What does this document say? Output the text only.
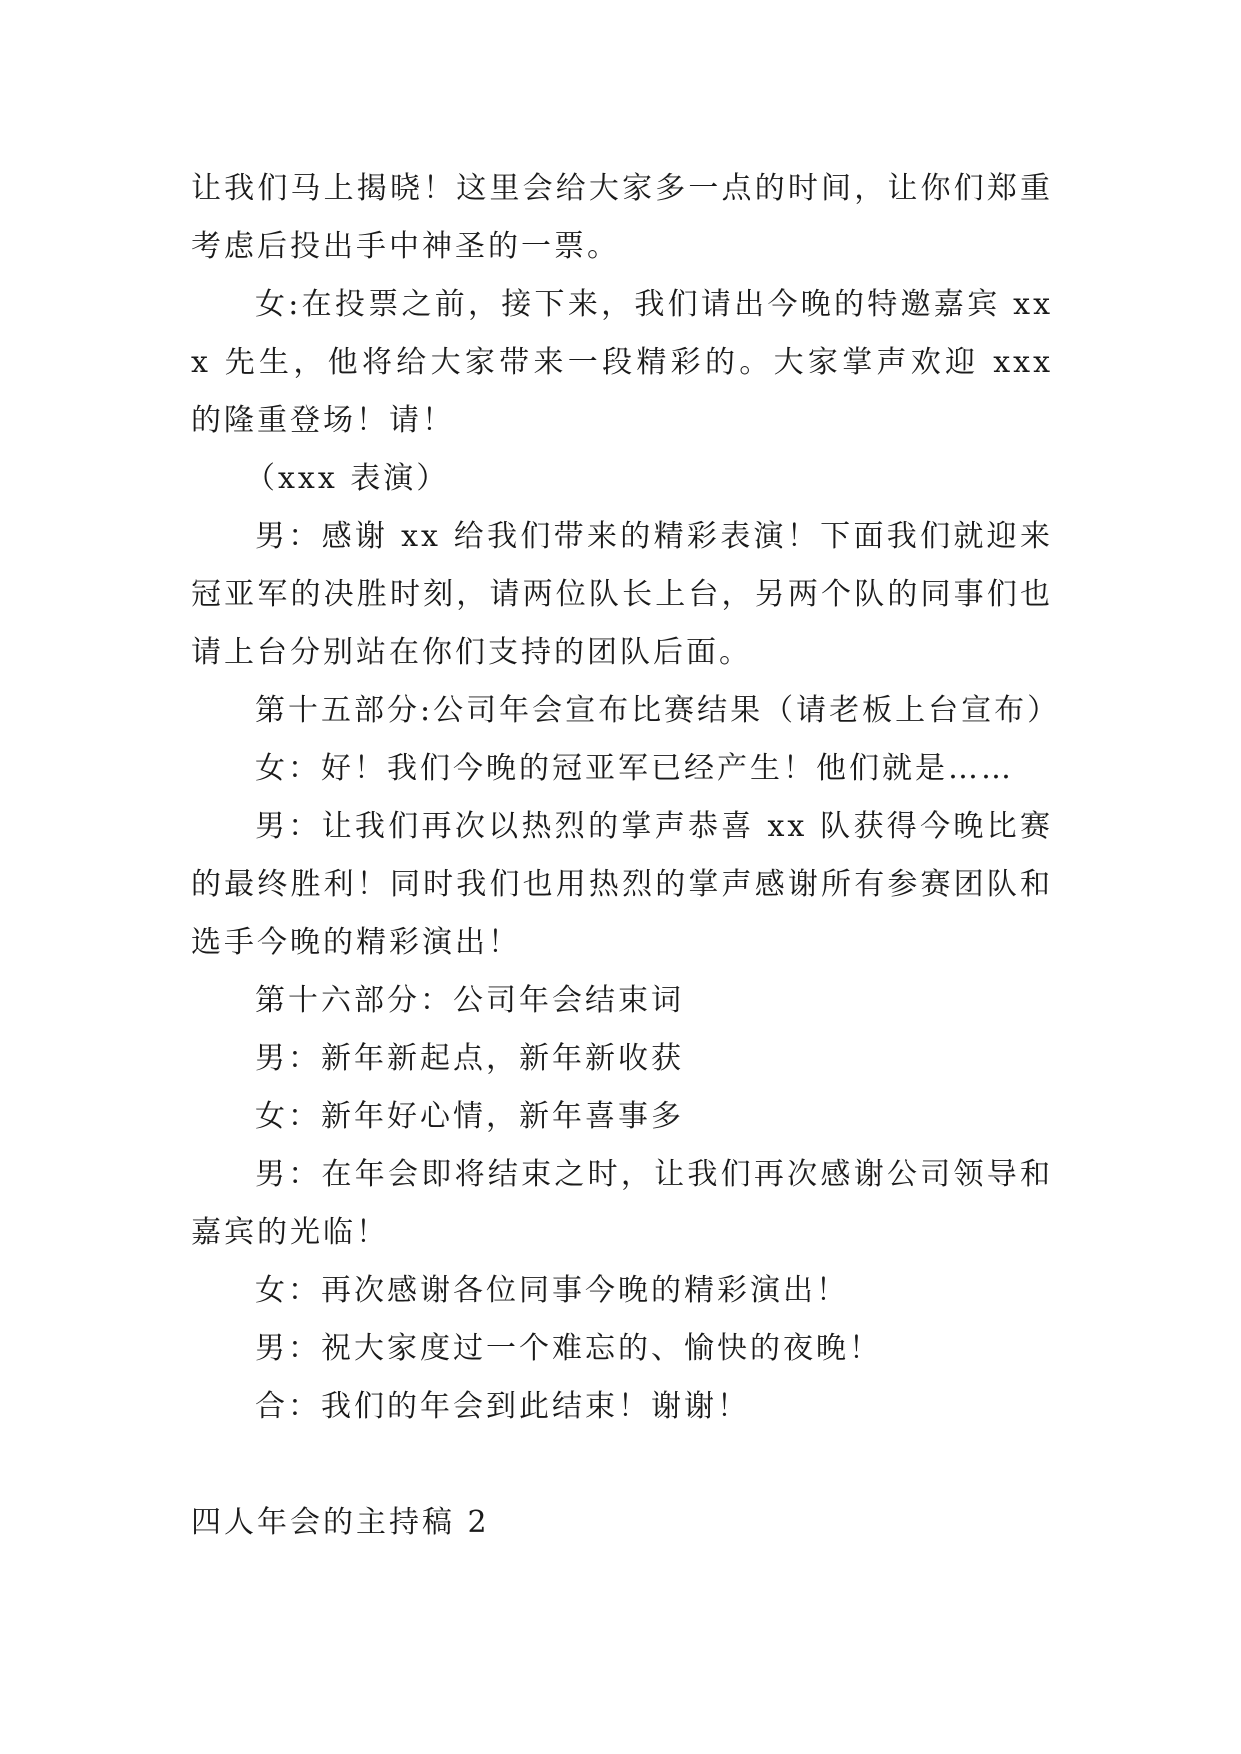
让我们马上揭晓！这里会给大家多一点的时间，让你们郑重考虑后投出手中神圣的一票。

女:在投票之前，接下来，我们请出今晚的特邀嘉宾 xxx 先生，他将给大家带来一段精彩的。大家掌声欢迎 xxx 的隆重登场！请！

（xxx 表演）

男：感谢 xx 给我们带来的精彩表演！下面我们就迎来冠亚军的决胜时刻，请两位队长上台，另两个队的同事们也请上台分别站在你们支持的团队后面。

第十五部分:公司年会宣布比赛结果（请老板上台宣布）

女：好！我们今晚的冠亚军已经产生！他们就是……

男：让我们再次以热烈的掌声恭喜 xx 队获得今晚比赛的最终胜利！同时我们也用热烈的掌声感谢所有参赛团队和选手今晚的精彩演出！

第十六部分：公司年会结束词

男：新年新起点，新年新收获

女：新年好心情，新年喜事多

男：在年会即将结束之时，让我们再次感谢公司领导和嘉宾的光临！

女：再次感谢各位同事今晚的精彩演出！

男：祝大家度过一个难忘的、愉快的夜晚！

合：我们的年会到此结束！谢谢！

四人年会的主持稿 2
